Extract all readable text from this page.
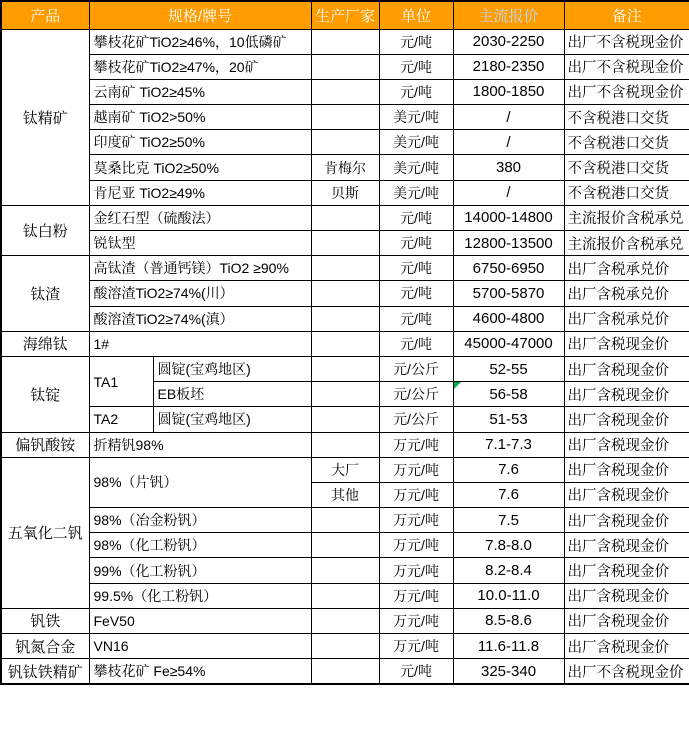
产品	规格/牌号		生产厂家	单位	主流报价	备注
钛精矿	攀枝花矿TiO2≥46%，10低磷矿			元/吨	2030-2250	出厂不含税现金价
	攀枝花矿TiO2≥47%，20矿			元/吨	2180-2350	出厂不含税现金价
	云南矿 TiO2≥45%			元/吨	1800-1850	出厂不含税现金价
	越南矿 TiO2>50%			美元/吨	/	不含税港口交货
	印度矿 TiO2≥50%			美元/吨	/	不含税港口交货
	莫桑比克 TiO2≥50%		肯梅尔	美元/吨	380	不含税港口交货
	肯尼亚 TiO2≥49%		贝斯	美元/吨	/	不含税港口交货
钛白粉	金红石型（硫酸法）			元/吨	14000-14800	主流报价含税承兑
	锐钛型			元/吨	12800-13500	主流报价含税承兑
钛渣	高钛渣（普通钙镁）TiO2 ≥90%			元/吨	6750-6950	出厂含税承兑价
	酸溶渣TiO2≥74%(川）			元/吨	5700-5870	出厂含税承兑价
	酸溶渣TiO2≥74%(滇）			元/吨	4600-4800	出厂含税承兑价
海绵钛	1#			元/吨	45000-47000	出厂含税现金价
钛锭	TA1	圆锭(宝鸡地区)		元/公斤	52-55	出厂含税现金价
		EB板坯		元/公斤	56-58	出厂含税现金价
	TA2	圆锭(宝鸡地区)		元/公斤	51-53	出厂含税现金价
偏钒酸铵	折精钒98%			万元/吨	7.1-7.3	出厂含税现金价
五氧化二钒	98%（片钒）		大厂	万元/吨	7.6	出厂含税现金价
			其他	万元/吨	7.6	出厂含税现金价
	98%（冶金粉钒）			万元/吨	7.5	出厂含税现金价
	98%（化工粉钒）			万元/吨	7.8-8.0	出厂含税现金价
	99%（化工粉钒）			万元/吨	8.2-8.4	出厂含税现金价
	99.5%（化工粉钒）			万元/吨	10.0-11.0	出厂含税现金价
钒铁	FeV50			万元/吨	8.5-8.6	出厂含税现金价
钒氮合金	VN16			万元/吨	11.6-11.8	出厂含税现金价
钒钛铁精矿	攀枝花矿 Fe≥54%			元/吨	325-340	出厂不含税现金价
